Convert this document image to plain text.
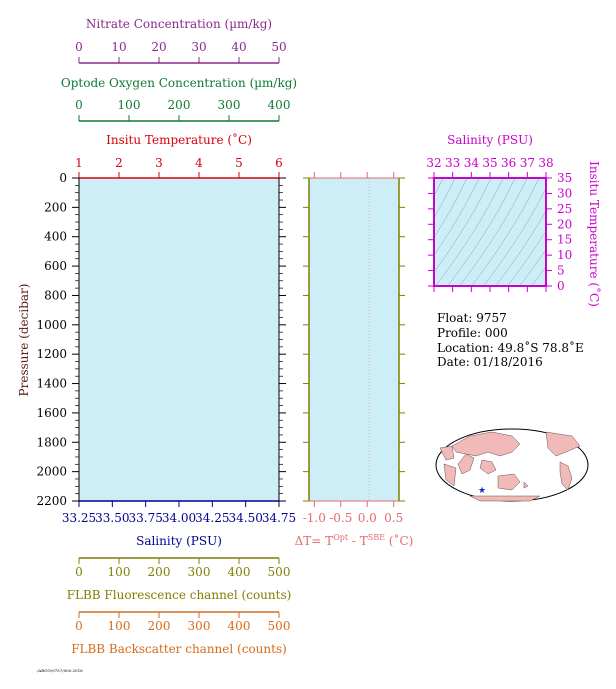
Nitrate Concentration (µm/kg)
0 10 20 30 40 50
Optode Oxygen Concentration (µm/kg)
0	100 200 300 400
Insitu Temperature (˚C)
1	2	3	4	5	6
33.25
33.50
33.75
34.00
34.25
34.50
34.75
0
200
400
600
800
1000
1200
1400
1600
1800
2000
2200
Pressure (decibar)
Salinity (PSU)
0 100 200 300 400 500
FLBB Fluorescence channel (counts)
0 100 200 300 400 500
FLBB Backscatter channel (counts)
-1.0 -0.5 0.0 0.5
$\Delta T= T^{Opt} - T^{SBE}$ (˚C)
Salinity (PSU)
32 33 34 35 36 37 38
0
5
10
15
20
25
30
35 Insitu Temperature (˚C)
Float: 9757
Profile: 000
Location: 49.8˚S 78.8˚E
Date: 01/18/2016
★
/ARGO/9757/000.2016
